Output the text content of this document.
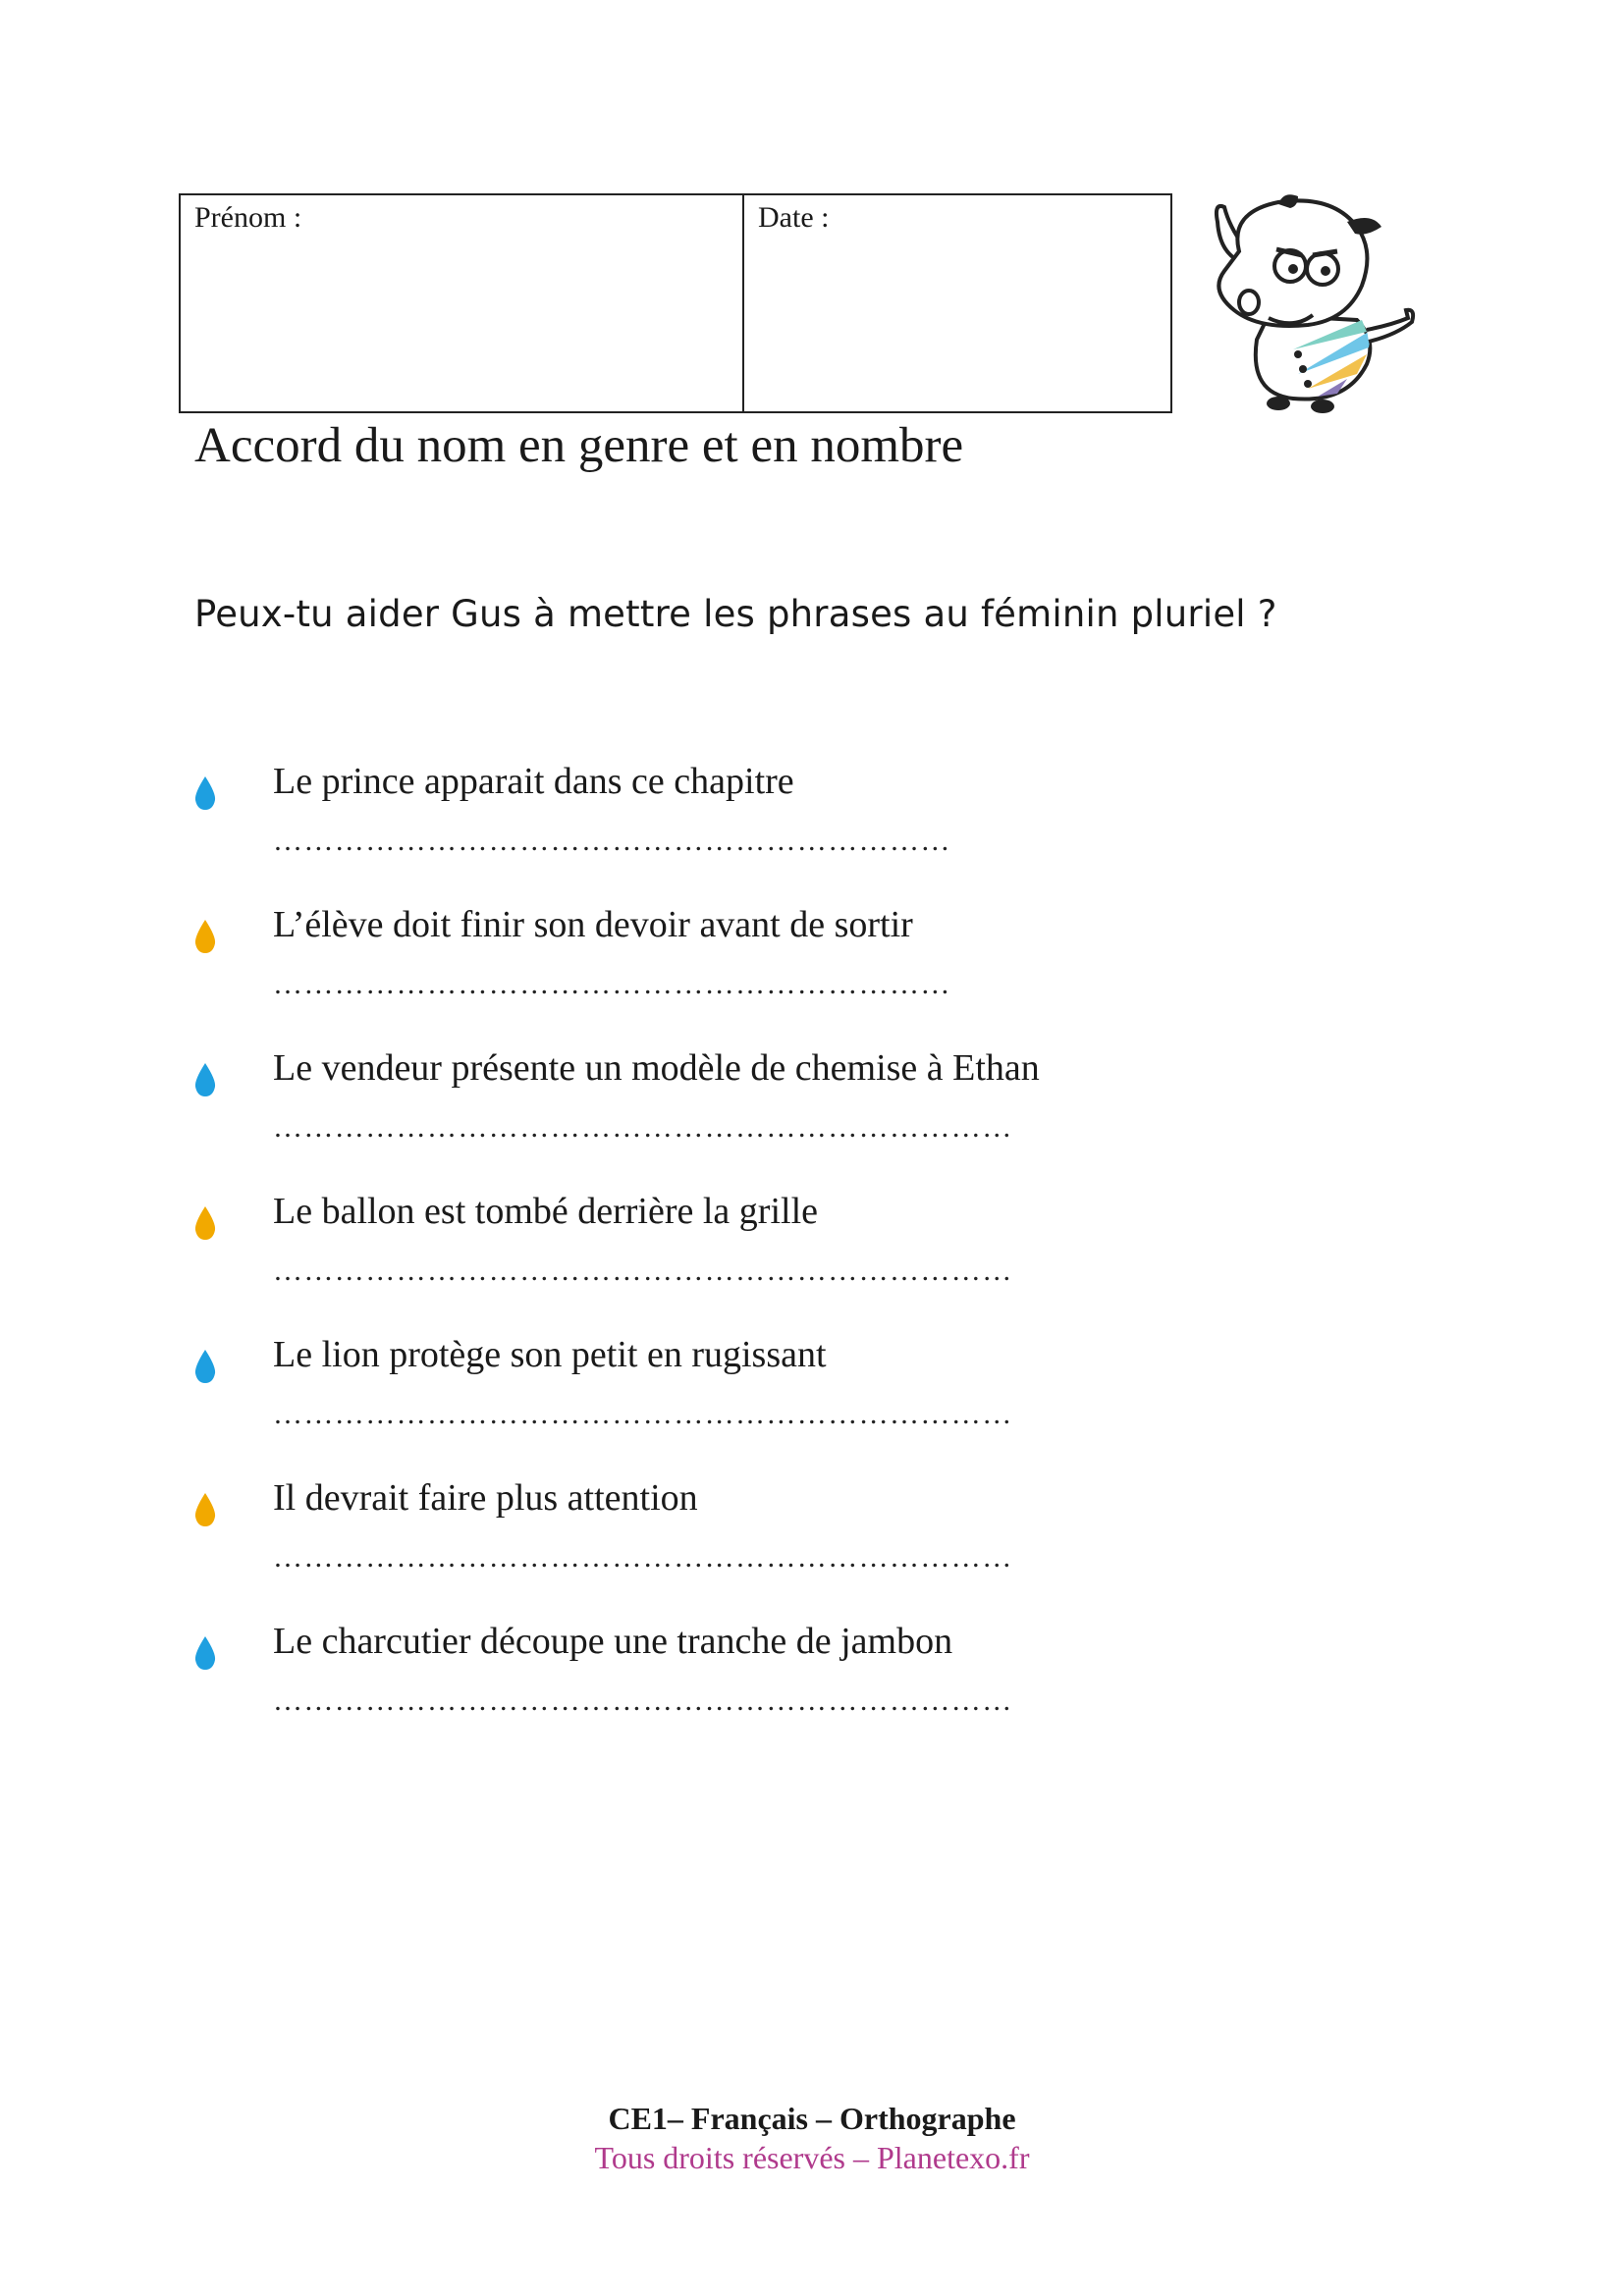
Prénom :	Date :
Accord du nom en genre et en nombre

Peux-tu aider Gus à mettre les phrases au féminin pluriel ?

Le prince apparait dans ce chapitre
…………………………………………………………
L’élève doit finir son devoir avant de sortir
…………………………………………………………
Le vendeur présente un modèle de chemise à Ethan
………………………………………………………………
Le ballon est tombé derrière la grille
………………………………………………………………
Le lion protège son petit en rugissant
………………………………………………………………
Il devrait faire plus attention
………………………………………………………………
Le charcutier découpe une tranche de jambon
………………………………………………………………
CE1– Français – Orthographe
Tous droits réservés – Planetexo.fr
